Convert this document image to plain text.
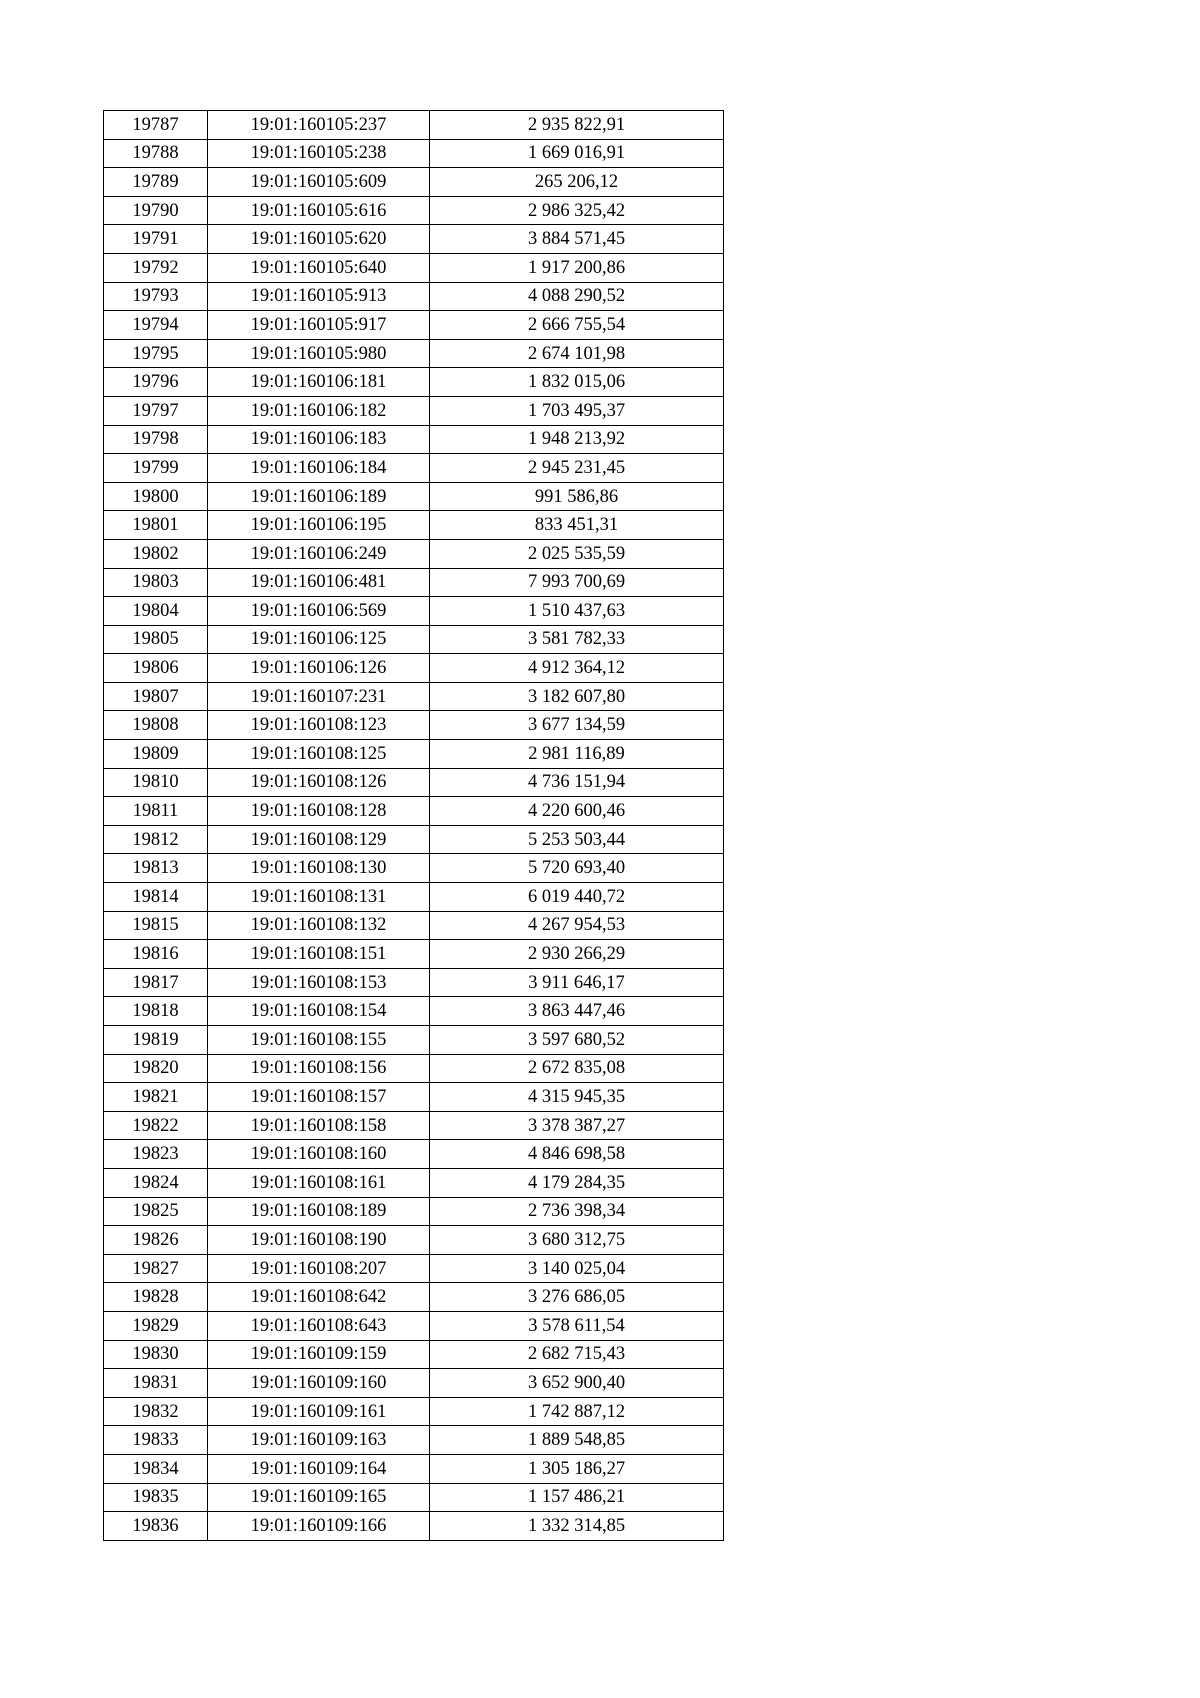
19787	19:01:160105:237	2 935 822,91
19788	19:01:160105:238	1 669 016,91
19789	19:01:160105:609	265 206,12
19790	19:01:160105:616	2 986 325,42
19791	19:01:160105:620	3 884 571,45
19792	19:01:160105:640	1 917 200,86
19793	19:01:160105:913	4 088 290,52
19794	19:01:160105:917	2 666 755,54
19795	19:01:160105:980	2 674 101,98
19796	19:01:160106:181	1 832 015,06
19797	19:01:160106:182	1 703 495,37
19798	19:01:160106:183	1 948 213,92
19799	19:01:160106:184	2 945 231,45
19800	19:01:160106:189	991 586,86
19801	19:01:160106:195	833 451,31
19802	19:01:160106:249	2 025 535,59
19803	19:01:160106:481	7 993 700,69
19804	19:01:160106:569	1 510 437,63
19805	19:01:160106:125	3 581 782,33
19806	19:01:160106:126	4 912 364,12
19807	19:01:160107:231	3 182 607,80
19808	19:01:160108:123	3 677 134,59
19809	19:01:160108:125	2 981 116,89
19810	19:01:160108:126	4 736 151,94
19811	19:01:160108:128	4 220 600,46
19812	19:01:160108:129	5 253 503,44
19813	19:01:160108:130	5 720 693,40
19814	19:01:160108:131	6 019 440,72
19815	19:01:160108:132	4 267 954,53
19816	19:01:160108:151	2 930 266,29
19817	19:01:160108:153	3 911 646,17
19818	19:01:160108:154	3 863 447,46
19819	19:01:160108:155	3 597 680,52
19820	19:01:160108:156	2 672 835,08
19821	19:01:160108:157	4 315 945,35
19822	19:01:160108:158	3 378 387,27
19823	19:01:160108:160	4 846 698,58
19824	19:01:160108:161	4 179 284,35
19825	19:01:160108:189	2 736 398,34
19826	19:01:160108:190	3 680 312,75
19827	19:01:160108:207	3 140 025,04
19828	19:01:160108:642	3 276 686,05
19829	19:01:160108:643	3 578 611,54
19830	19:01:160109:159	2 682 715,43
19831	19:01:160109:160	3 652 900,40
19832	19:01:160109:161	1 742 887,12
19833	19:01:160109:163	1 889 548,85
19834	19:01:160109:164	1 305 186,27
19835	19:01:160109:165	1 157 486,21
19836	19:01:160109:166	1 332 314,85
